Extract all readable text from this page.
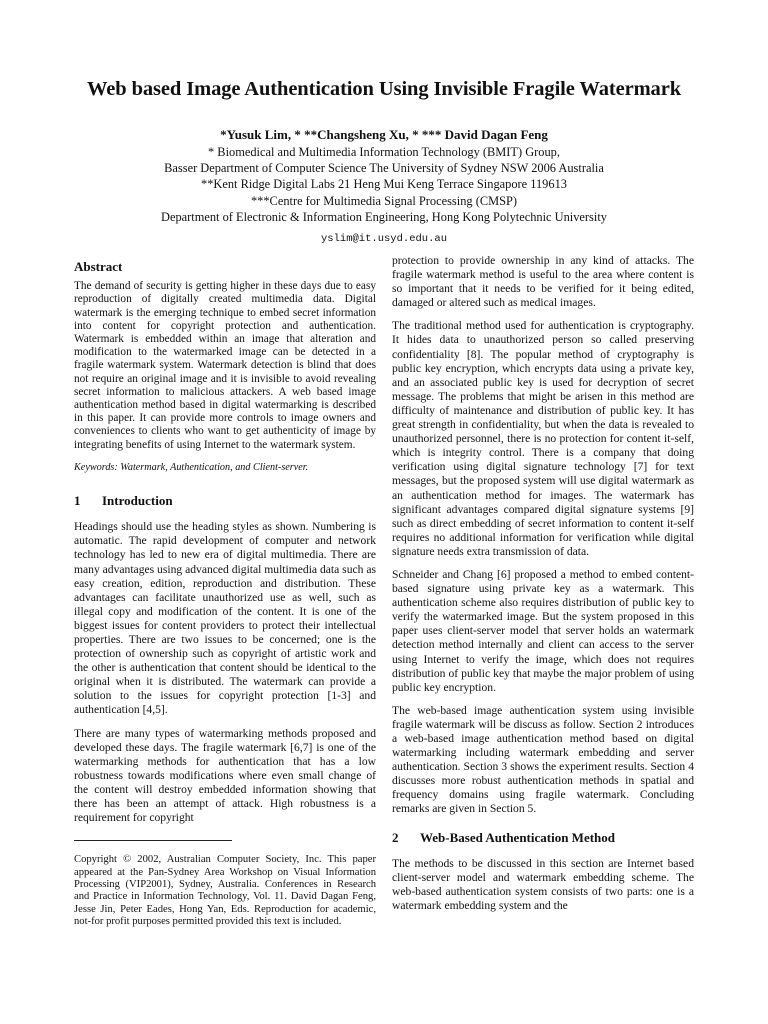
Web based Image Authentication Using Invisible Fragile Watermark
*Yusuk Lim, * **Changsheng Xu, * *** David Dagan Feng
* Biomedical and Multimedia Information Technology (BMIT) Group,
Basser Department of Computer Science The University of Sydney NSW 2006 Australia
**Kent Ridge Digital Labs 21 Heng Mui Keng Terrace Singapore 119613
***Centre for Multimedia Signal Processing (CMSP)
Department of Electronic & Information Engineering, Hong Kong Polytechnic University
yslim@it.usyd.edu.au
Abstract

The demand of security is getting higher in these days due to easy reproduction of digitally created multimedia data. Digital watermark is the emerging technique to embed secret information into content for copyright protection and authentication. Watermark is embedded within an image that alteration and modification to the watermarked image can be detected in a fragile watermark system. Watermark detection is blind that does not require an original image and it is invisible to avoid revealing secret information to malicious attackers. A web based image authentication method based in digital watermarking is described in this paper. It can provide more controls to image owners and conveniences to clients who want to get authenticity of image by integrating benefits of using Internet to the watermark system.

Keywords: Watermark, Authentication, and Client-server.
1 Introduction

Headings should use the heading styles as shown. Numbering is automatic. The rapid development of computer and network technology has led to new era of digital multimedia. There are many advantages using advanced digital multimedia data such as easy creation, edition, reproduction and distribution. These advantages can facilitate unauthorized use as well, such as illegal copy and modification of the content. It is one of the biggest issues for content providers to protect their intellectual properties. There are two issues to be concerned; one is the protection of ownership such as copyright of artistic work and the other is authentication that content should be identical to the original when it is distributed. The watermark can provide a solution to the issues for copyright protection [1-3] and authentication [4,5].

There are many types of watermarking methods proposed and developed these days. The fragile watermark [6,7] is one of the watermarking methods for authentication that has a low robustness towards modifications where even small change of the content will destroy embedded information showing that there has been an attempt of attack. High robustness is a requirement for copyright

Copyright © 2002, Australian Computer Society, Inc. This paper appeared at the Pan-Sydney Area Workshop on Visual Information Processing (VIP2001), Sydney, Australia. Conferences in Research and Practice in Information Technology, Vol. 11. David Dagan Feng, Jesse Jin, Peter Eades, Hong Yan, Eds. Reproduction for academic, not-for profit purposes permitted provided this text is included.

protection to provide ownership in any kind of attacks. The fragile watermark method is useful to the area where content is so important that it needs to be verified for it being edited, damaged or altered such as medical images.

The traditional method used for authentication is cryptography. It hides data to unauthorized person so called preserving confidentiality [8]. The popular method of cryptography is public key encryption, which encrypts data using a private key, and an associated public key is used for decryption of secret message. The problems that might be arisen in this method are difficulty of maintenance and distribution of public key. It has great strength in confidentiality, but when the data is revealed to unauthorized personnel, there is no protection for content it-self, which is integrity control. There is a company that doing verification using digital signature technology [7] for text messages, but the proposed system will use digital watermark as an authentication method for images. The watermark has significant advantages compared digital signature systems [9] such as direct embedding of secret information to content it-self requires no additional information for verification while digital signature needs extra transmission of data.

Schneider and Chang [6] proposed a method to embed content-based signature using private key as a watermark. This authentication scheme also requires distribution of public key to verify the watermarked image. But the system proposed in this paper uses client-server model that server holds an watermark detection method internally and client can access to the server using Internet to verify the image, which does not requires distribution of public key that maybe the major problem of using public key encryption.

The web-based image authentication system using invisible fragile watermark will be discuss as follow. Section 2 introduces a web-based image authentication method based on digital watermarking including watermark embedding and server authentication. Section 3 shows the experiment results. Section 4 discusses more robust authentication methods in spatial and frequency domains using fragile watermark. Concluding remarks are given in Section 5.

2 Web-Based Authentication Method

The methods to be discussed in this section are Internet based client-server model and watermark embedding scheme. The web-based authentication system consists of two parts: one is a watermark embedding system and the
